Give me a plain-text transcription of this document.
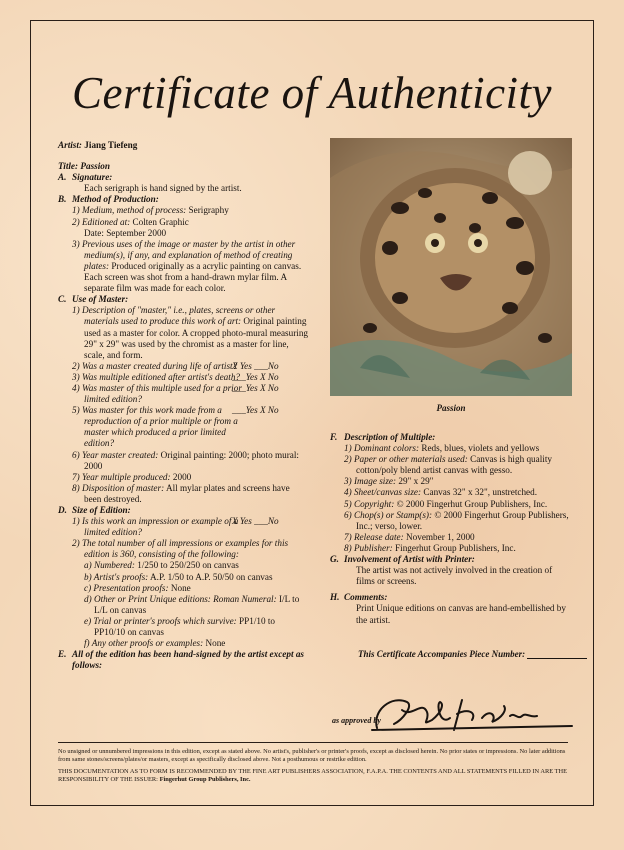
Certificate of Authenticity
Artist: Jiang Tiefeng
Title: Passion
A. Signature:
Each serigraph is hand signed by the artist.
B. Method of Production:
1) Medium, method of process: Serigraphy
2) Editioned at: Colten Graphic
Date: September 2000
3) Previous uses of the image or master by the artist in other medium(s), if any, and explanation of method of creating plates: Produced originally as a acrylic painting on canvas. Each screen was shot from a hand-drawn mylar film. A separate film was made for each color.
C. Use of Master:
1) Description of "master," i.e., plates, screens or other materials used to produce this work of art: Original painting used as a master for color. A cropped photo-mural measuring 29" x 29" was used by the chromist as a master for line, scale, and form.
2) Was a master created during life of artist?
X Yes ___No
3) Was multiple editioned after artist's death?
___Yes X No
4) Was master of this multiple used for a prior limited edition?
___Yes X No
5) Was master for this work made from a reproduction of a prior multiple or from a master which produced a prior limited edition?
___Yes X No
6) Year master created: Original painting: 2000; photo mural: 2000
7) Year multiple produced: 2000
8) Disposition of master: All mylar plates and screens have been destroyed.
D. Size of Edition:
1) Is this work an impression or example of a limited edition?
X Yes ___No
2) The total number of all impressions or examples for this edition is 360, consisting of the following:
a) Numbered: 1/250 to 250/250 on canvas
b) Artist's proofs: A.P. 1/50 to A.P. 50/50 on canvas
c) Presentation proofs: None
d) Other or Print Unique editions: Roman Numeral: I/L to L/L on canvas
e) Trial or printer's proofs which survive: PP1/10 to PP10/10 on canvas
f) Any other proofs or examples: None
E. All of the edition has been hand-signed by the artist except as follows:
Passion
F. Description of Multiple:
1) Dominant colors: Reds, blues, violets and yellows
2) Paper or other materials used: Canvas is high quality cotton/poly blend artist canvas with gesso.
3) Image size: 29" x 29"
4) Sheet/canvas size: Canvas 32" x 32", unstretched.
5) Copyright: © 2000 Fingerhut Group Publishers, Inc.
6) Chop(s) or Stamp(s): © 2000 Fingerhut Group Publishers, Inc.; verso, lower.
7) Release date: November 1, 2000
8) Publisher: Fingerhut Group Publishers, Inc.
G. Involvement of Artist with Printer:
The artist was not actively involved in the creation of films or screens.
H. Comments:
Print Unique editions on canvas are hand-embellished by the artist.
This Certificate Accompanies Piece Number:
as approved by
No unsigned or unnumbered impressions in this edition, except as stated above. No artist's, publisher's or printer's proofs, except as disclosed herein. No prior states or impressions. No later additions from same stones/screens/plates/or masters, except as specifically disclosed above. Not a posthumous or restrike edition.
THIS DOCUMENTATION AS TO FORM IS RECOMMENDED BY THE FINE ART PUBLISHERS ASSOCIATION, F.A.P.A. THE CONTENTS AND ALL STATEMENTS FILLED IN ARE THE RESPONSIBILITY OF THE ISSUER: Fingerhut Group Publishers, Inc.
